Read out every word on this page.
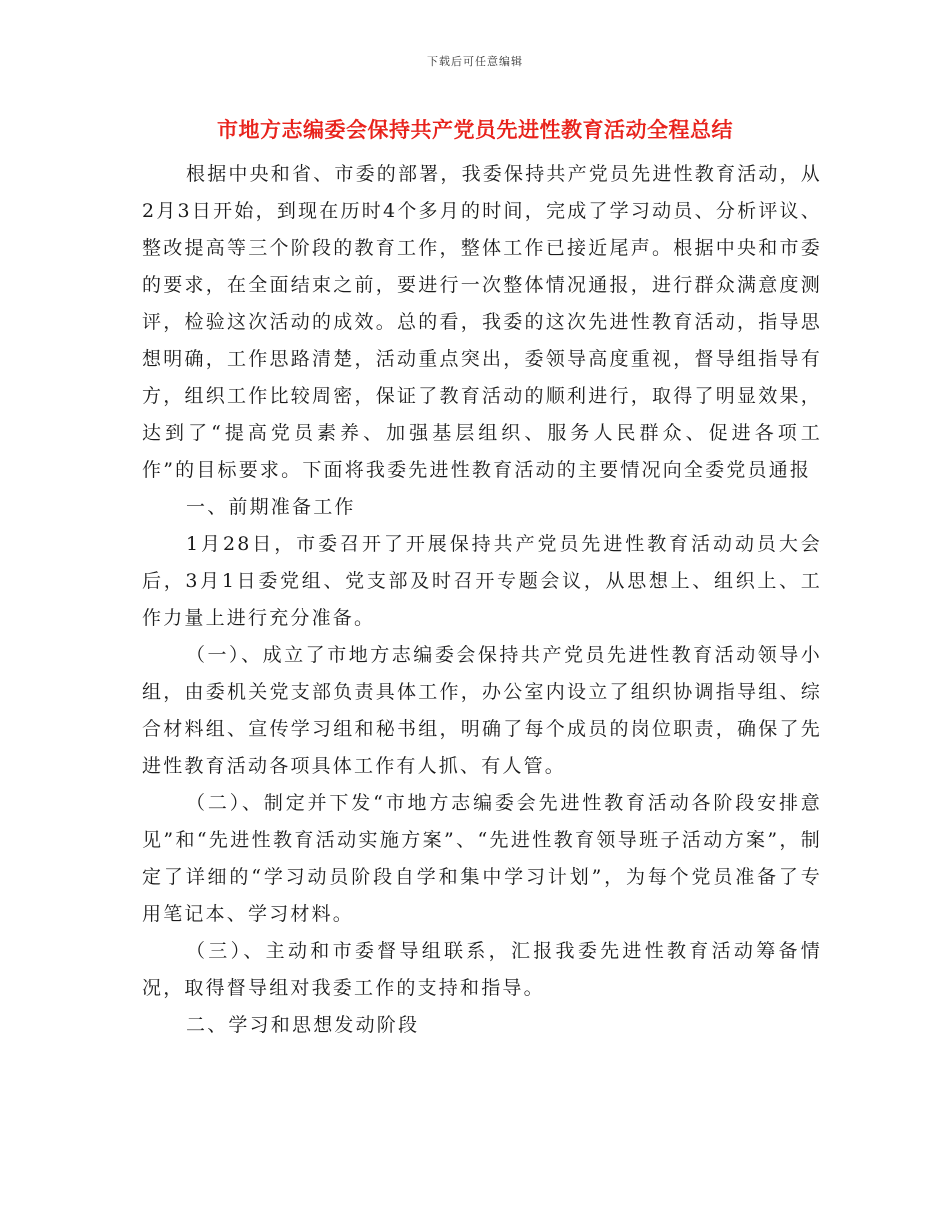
下载后可任意编辑
市地方志编委会保持共产党员先进性教育活动全程总结

根据中央和省、市委的部署，我委保持共产党员先进性教育活动，从2月3日开始，到现在历时4个多月的时间，完成了学习动员、分析评议、整改提高等三个阶段的教育工作，整体工作已接近尾声。根据中央和市委的要求，在全面结束之前，要进行一次整体情况通报，进行群众满意度测评，检验这次活动的成效。总的看，我委的这次先进性教育活动，指导思想明确，工作思路清楚，活动重点突出，委领导高度重视，督导组指导有方，组织工作比较周密，保证了教育活动的顺利进行，取得了明显效果，达到了“提高党员素养、加强基层组织、服务人民群众、促进各项工作”的目标要求。下面将我委先进性教育活动的主要情况向全委党员通报

一、前期准备工作

1月28日，市委召开了开展保持共产党员先进性教育活动动员大会后，3月1日委党组、党支部及时召开专题会议，从思想上、组织上、工作力量上进行充分准备。

（一）、成立了市地方志编委会保持共产党员先进性教育活动领导小组，由委机关党支部负责具体工作，办公室内设立了组织协调指导组、综合材料组、宣传学习组和秘书组，明确了每个成员的岗位职责，确保了先进性教育活动各项具体工作有人抓、有人管。

（二）、制定并下发“市地方志编委会先进性教育活动各阶段安排意见”和“先进性教育活动实施方案”、“先进性教育领导班子活动方案”，制定了详细的“学习动员阶段自学和集中学习计划”，为每个党员准备了专用笔记本、学习材料。

（三）、主动和市委督导组联系，汇报我委先进性教育活动筹备情况，取得督导组对我委工作的支持和指导。

二、学习和思想发动阶段
